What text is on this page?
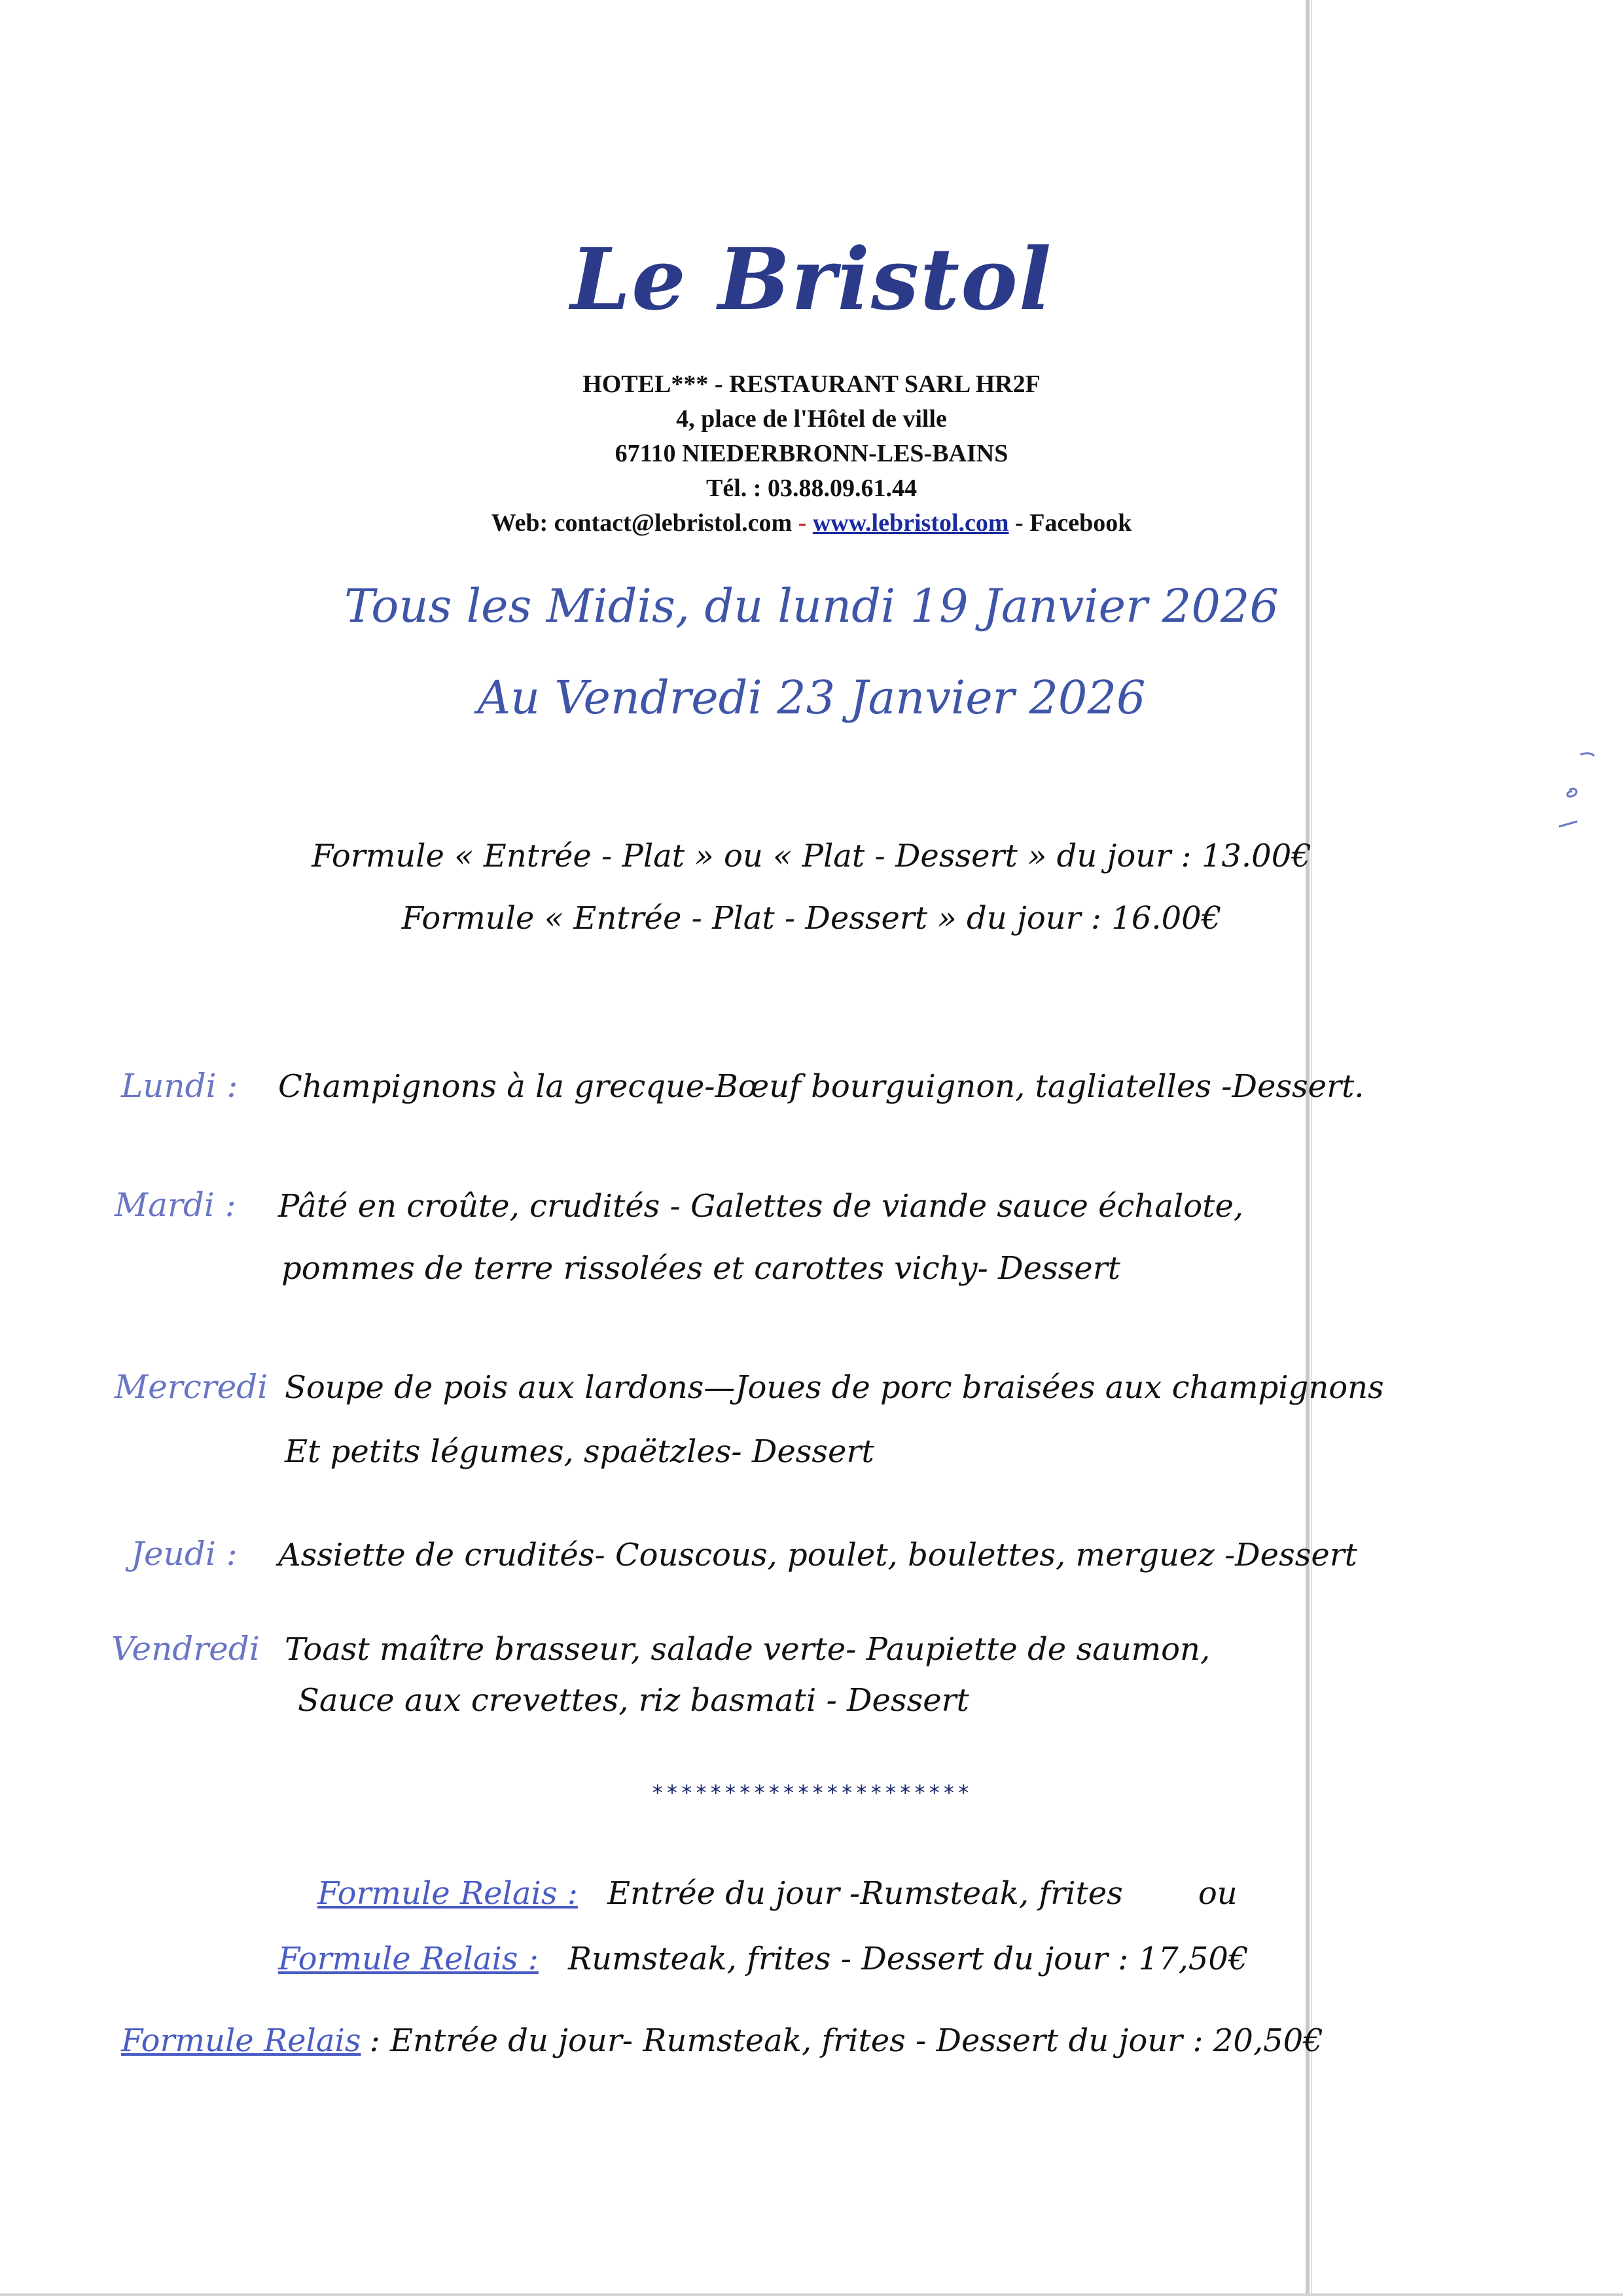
Le Bristol
HOTEL*** - RESTAURANT SARL HR2F
4, place de l'Hôtel de ville
67110 NIEDERBRONN-LES-BAINS
Tél. : 03.88.09.61.44
Web: contact@lebristol.com - www.lebristol.com - Facebook
Tous les Midis, du lundi 19 Janvier 2026
Au Vendredi 23 Janvier 2026
Formule « Entrée - Plat » ou « Plat - Dessert » du jour : 13.00€
Formule « Entrée - Plat - Dessert » du jour : 16.00€
Lundi : Champignons à la grecque-Bœuf bourguignon, tagliatelles -Dessert.
Mardi : Pâté en croûte, crudités - Galettes de viande sauce échalote,
pommes de terre rissolées et carottes vichy- Dessert
Mercredi Soupe de pois aux lardons—Joues de porc braisées aux champignons
Et petits légumes, spaëtzles- Dessert
Jeudi : Assiette de crudités- Couscous, poulet, boulettes, merguez -Dessert
Vendredi Toast maître brasseur, salade verte- Paupiette de saumon,
Sauce aux crevettes, riz basmati - Dessert
**********************
Formule Relais : Entrée du jour -Rumsteak, frites ou
Formule Relais : Rumsteak, frites - Dessert du jour : 17,50€
Formule Relais : Entrée du jour- Rumsteak, frites - Dessert du jour : 20,50€
